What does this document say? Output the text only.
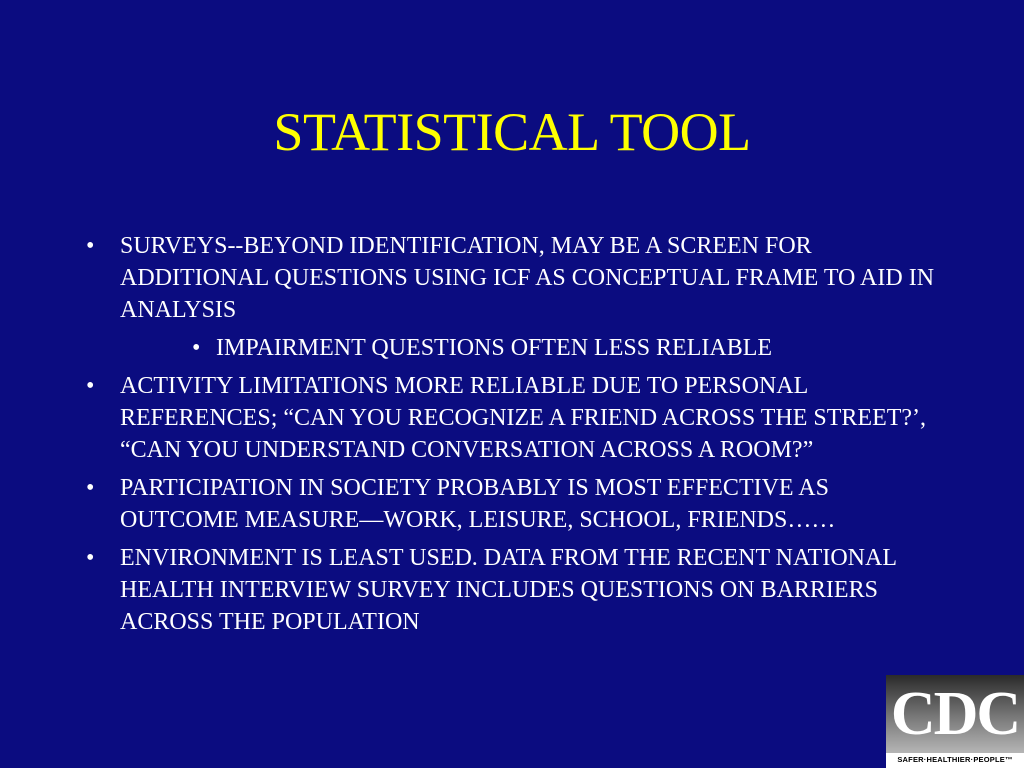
STATISTICAL TOOL
• SURVEYS--BEYOND IDENTIFICATION, MAY BE A SCREEN FOR ADDITIONAL QUESTIONS USING ICF AS CONCEPTUAL FRAME TO AID IN ANALYSIS
• IMPAIRMENT QUESTIONS OFTEN LESS RELIABLE
• ACTIVITY LIMITATIONS MORE RELIABLE DUE TO PERSONAL REFERENCES; “CAN YOU RECOGNIZE A FRIEND ACROSS THE STREET?’, “CAN YOU UNDERSTAND CONVERSATION ACROSS A ROOM?”
• PARTICIPATION IN SOCIETY PROBABLY IS MOST EFFECTIVE AS OUTCOME MEASURE—WORK, LEISURE, SCHOOL, FRIENDS……
• ENVIRONMENT IS LEAST USED. DATA FROM THE RECENT NATIONAL HEALTH INTERVIEW SURVEY INCLUDES QUESTIONS ON BARRIERS ACROSS THE POPULATION
CDC
SAFER·HEALTHIER·PEOPLE™
